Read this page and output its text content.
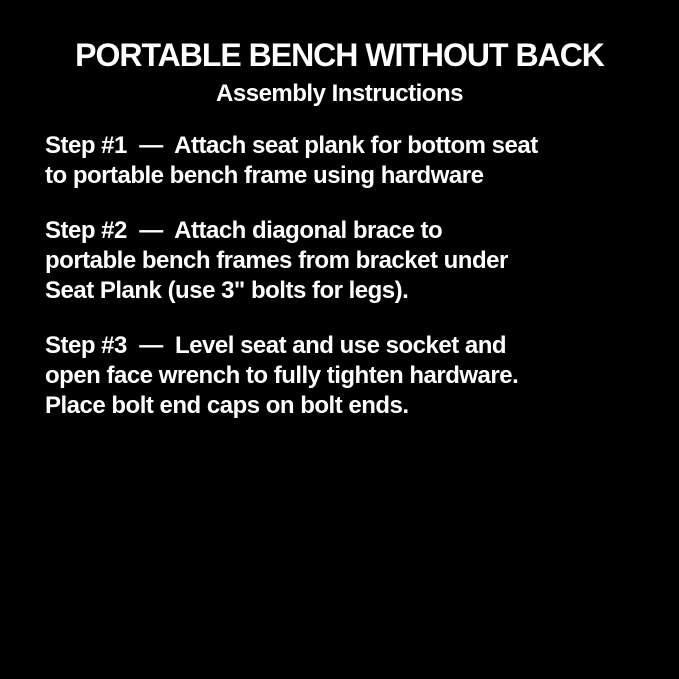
PORTABLE BENCH WITHOUT BACK
Assembly Instructions
Step #1  —  Attach seat plank for bottom seat
to portable bench frame using hardware
Step #2  —  Attach diagonal brace to
portable bench frames from bracket under
Seat Plank (use 3" bolts for legs).
Step #3  —  Level seat and use socket and
open face wrench to fully tighten hardware.
Place bolt end caps on bolt ends.
